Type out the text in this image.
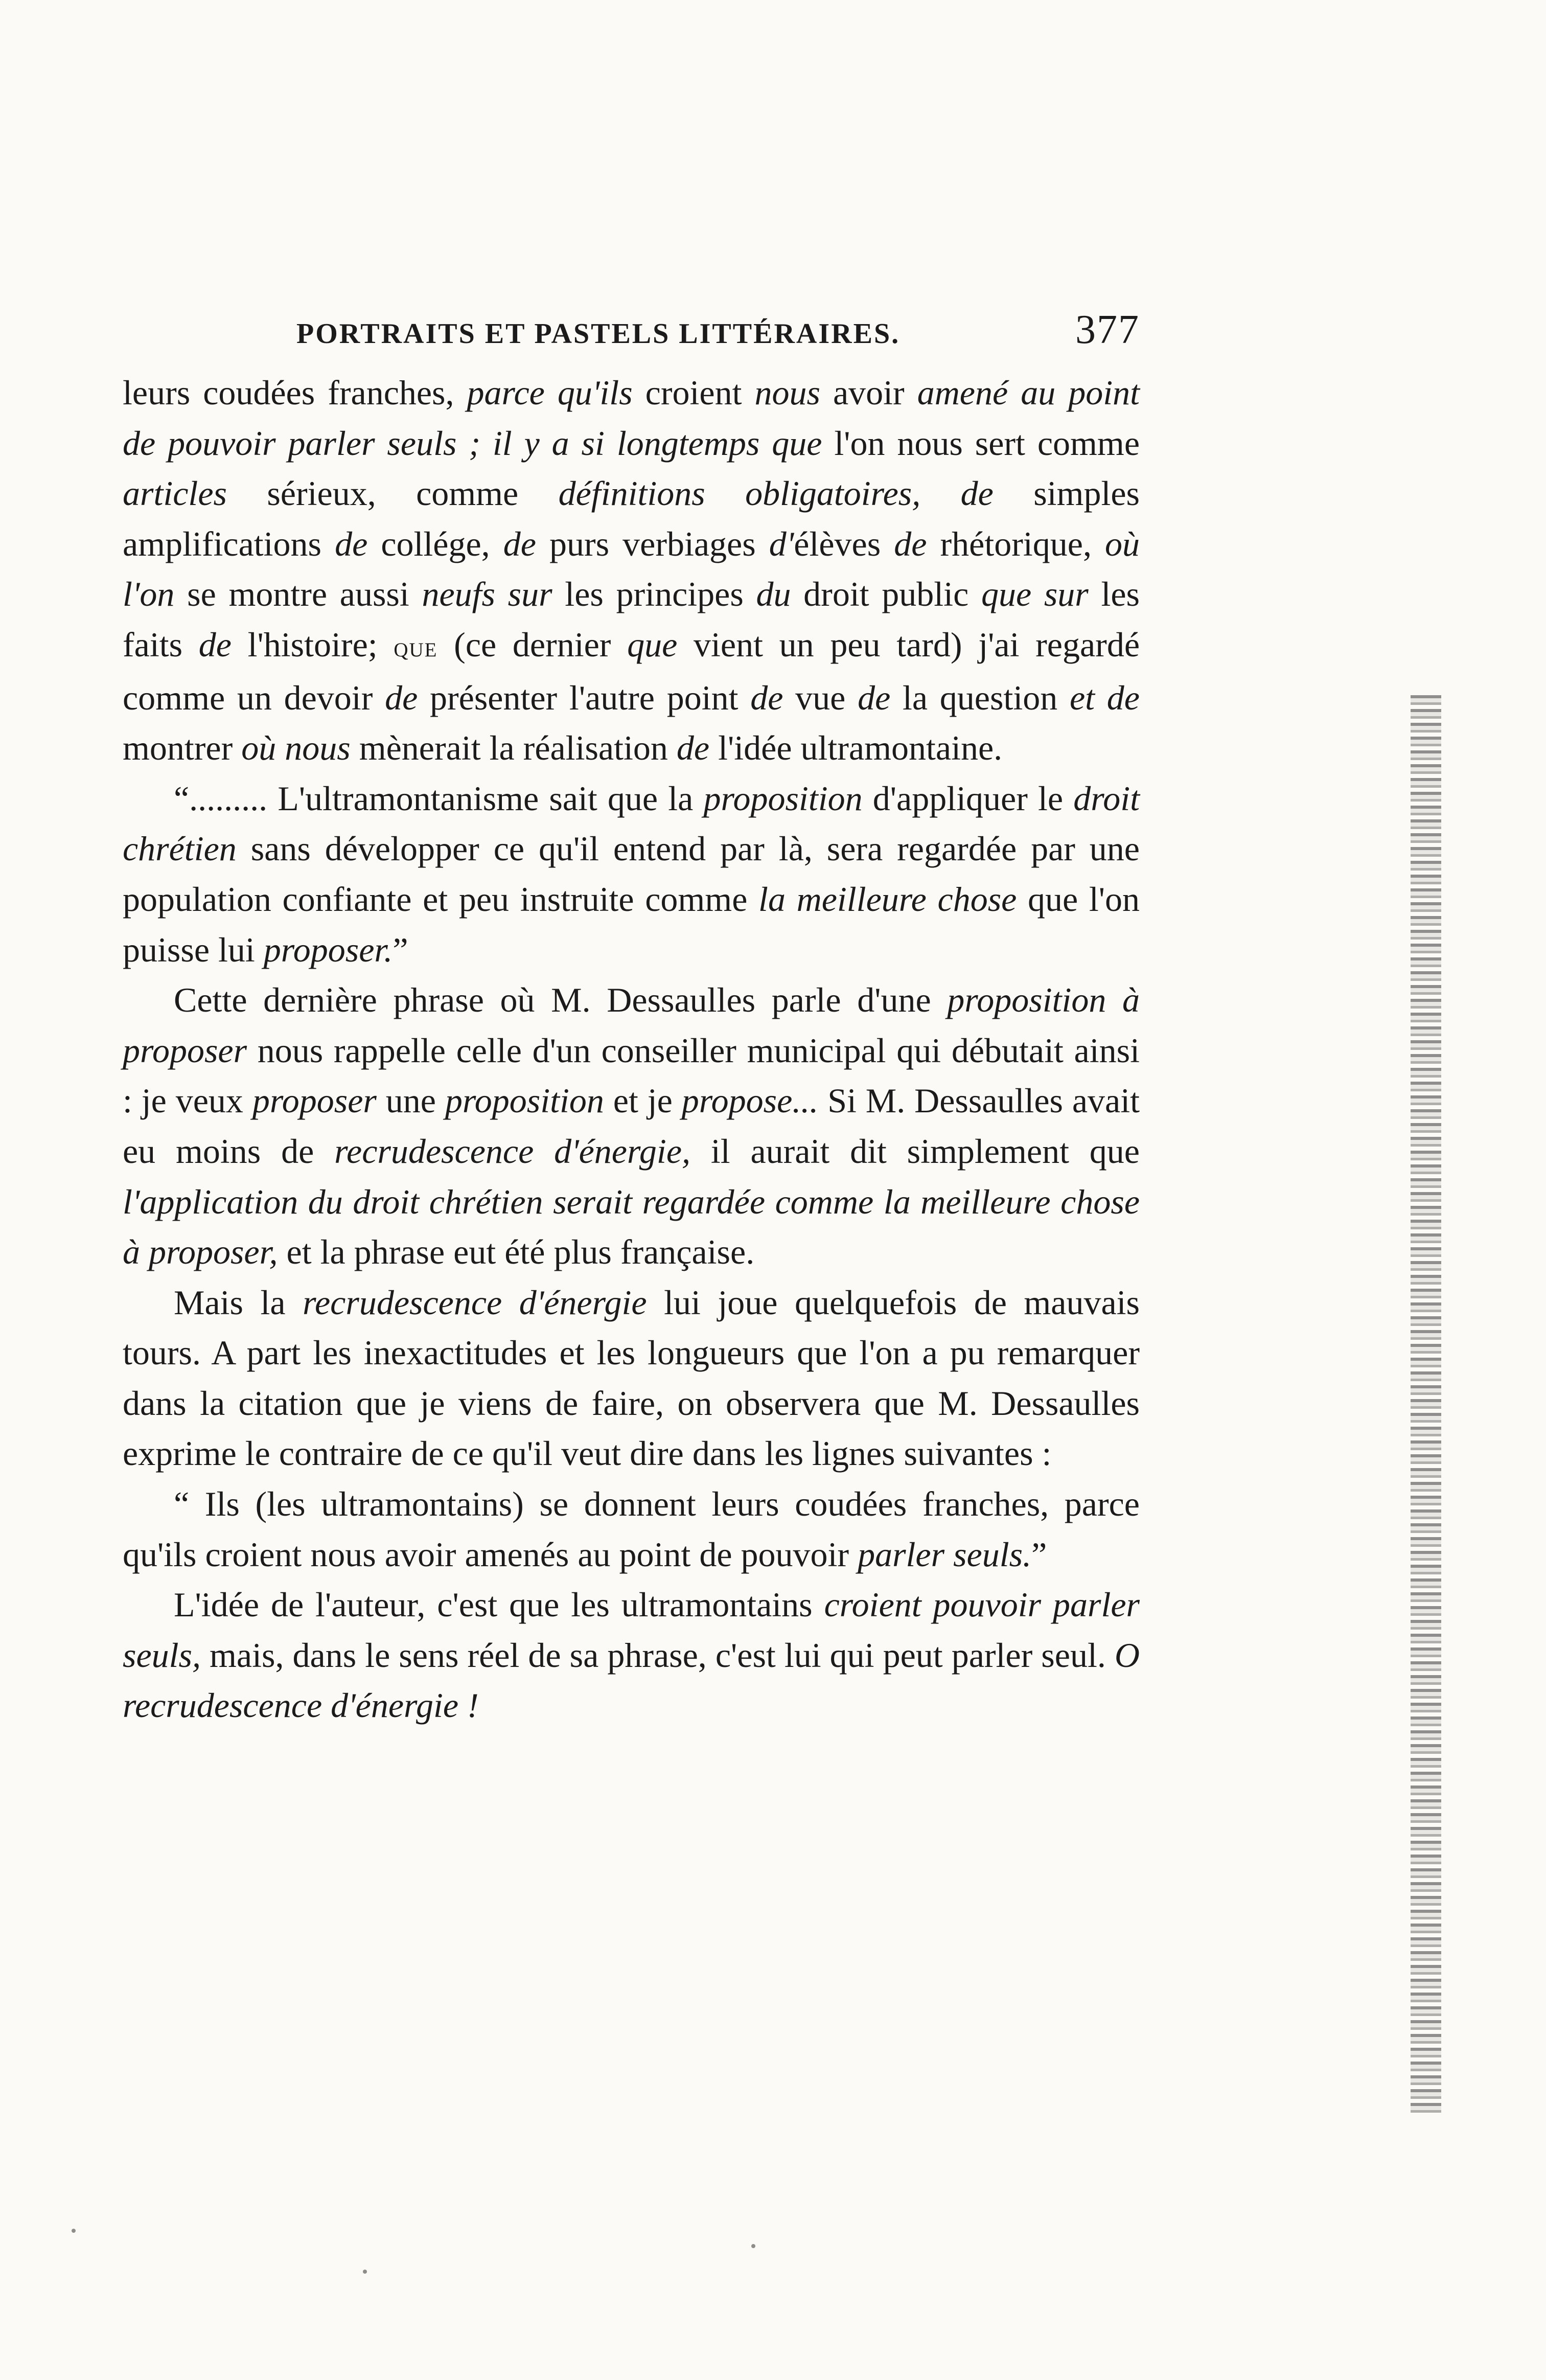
PORTRAITS ET PASTELS LITTÉRAIRES.	377

leurs coudées franches, parce qu'ils croient nous avoir amené au point de pouvoir parler seuls ; il y a si longtemps que l'on nous sert comme articles sérieux, comme définitions obligatoires, de simples amplifications de collége, de purs verbiages d'élèves de rhétorique, où l'on se montre aussi neufs sur les principes du droit public que sur les faits de l'histoire; que (ce dernier que vient un peu tard) j'ai regardé comme un devoir de présenter l'autre point de vue de la question et de montrer où nous mènerait la réalisation de l'idée ultramontaine.

“......... L'ultramontanisme sait que la proposition d'appliquer le droit chrétien sans développer ce qu'il entend par là, sera regardée par une population confiante et peu instruite comme la meilleure chose que l'on puisse lui proposer.”

Cette dernière phrase où M. Dessaulles parle d'une proposition à proposer nous rappelle celle d'un conseiller municipal qui débutait ainsi : je veux proposer une proposition et je propose... Si M. Dessaulles avait eu moins de recrudescence d'énergie, il aurait dit simplement que l'application du droit chrétien serait regardée comme la meilleure chose à proposer, et la phrase eut été plus française.

Mais la recrudescence d'énergie lui joue quelquefois de mauvais tours. A part les inexactitudes et les longueurs que l'on a pu remarquer dans la citation que je viens de faire, on observera que M. Dessaulles exprime le contraire de ce qu'il veut dire dans les lignes suivantes :

“ Ils (les ultramontains) se donnent leurs coudées franches, parce qu'ils croient nous avoir amenés au point de pouvoir parler seuls.”

L'idée de l'auteur, c'est que les ultramontains croient pouvoir parler seuls, mais, dans le sens réel de sa phrase, c'est lui qui peut parler seul. O recrudescence d'énergie !
